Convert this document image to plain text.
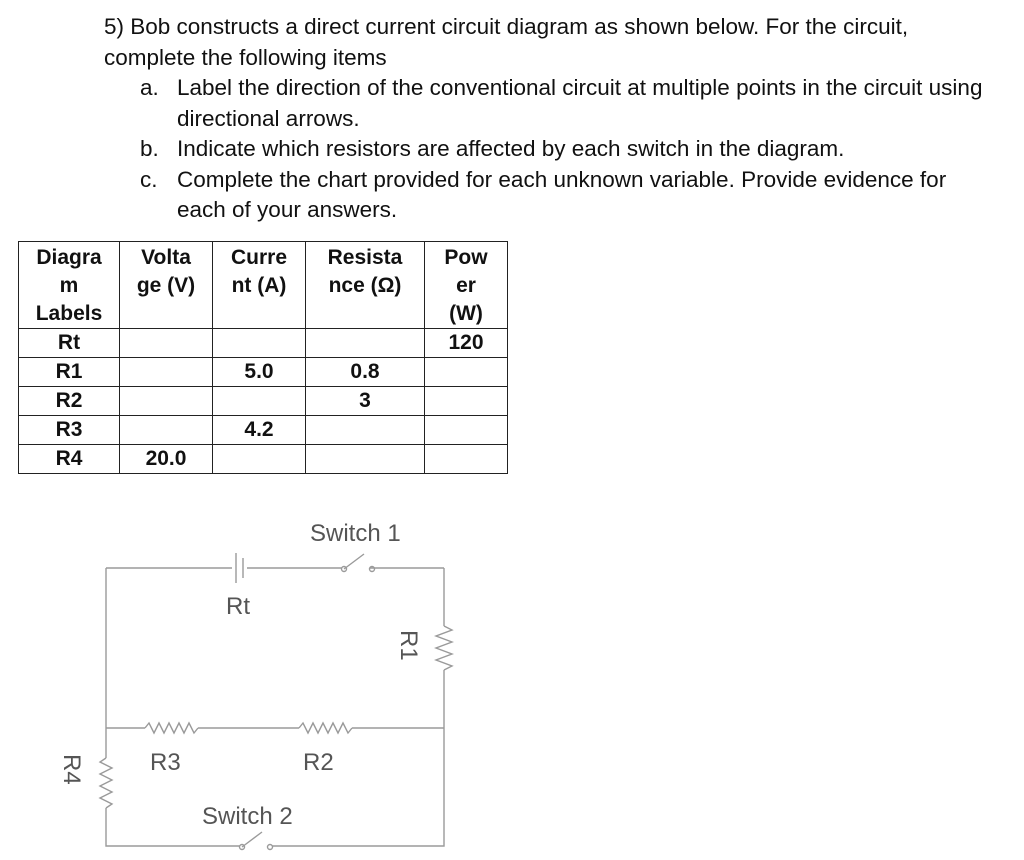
5) Bob constructs a direct current circuit diagram as shown below. For the circuit, complete the following items

a. Label the direction of the conventional circuit at multiple points in the circuit using directional arrows.
b. Indicate which resistors are affected by each switch in the diagram.
c. Complete the chart provided for each unknown variable. Provide evidence for each of your answers.
Diagra
m
Labels	Volta
ge (V)	Curre
nt (A)	Resista
nce (Ω)	Pow
er
(W)
Rt				120
R1		5.0	0.8	
R2			3	
R3		4.2		
R4	20.0			
Switch 1
Rt
R3	R2
Switch 2
R1
R4
